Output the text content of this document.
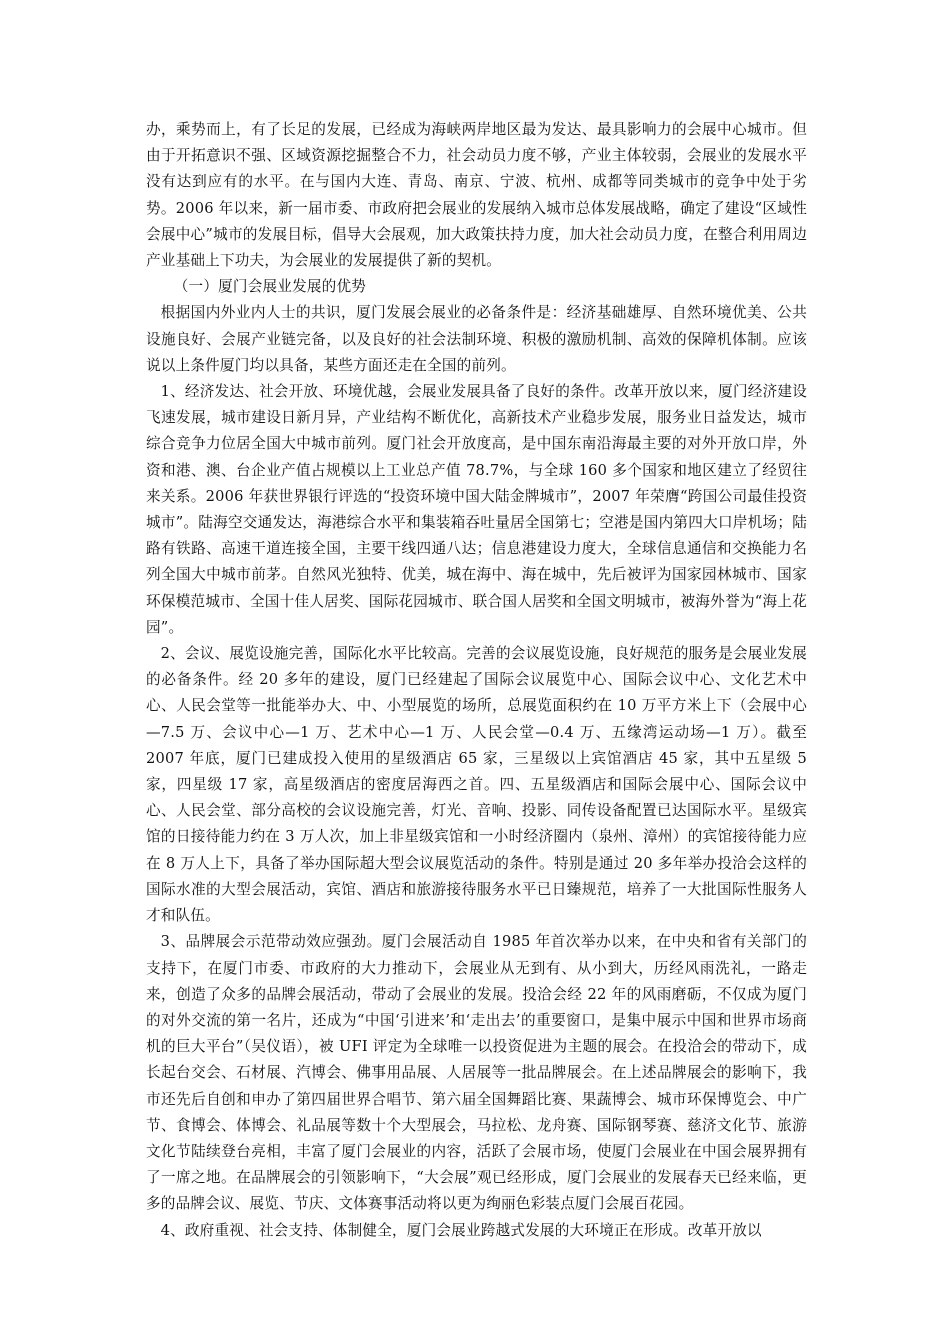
办，乘势而上，有了长足的发展，已经成为海峡两岸地区最为发达、最具影响力的会展中心城市。但由于开拓意识不强、区域资源挖掘整合不力，社会动员力度不够，产业主体较弱，会展业的发展水平没有达到应有的水平。在与国内大连、青岛、南京、宁波、杭州、成都等同类城市的竞争中处于劣势。2006 年以来，新一届市委、市政府把会展业的发展纳入城市总体发展战略，确定了建设“区域性会展中心”城市的发展目标，倡导大会展观，加大政策扶持力度，加大社会动员力度，在整合利用周边产业基础上下功夫，为会展业的发展提供了新的契机。

（一）厦门会展业发展的优势

根据国内外业内人士的共识，厦门发展会展业的必备条件是：经济基础雄厚、自然环境优美、公共设施良好、会展产业链完备，以及良好的社会法制环境、积极的激励机制、高效的保障机体制。应该说以上条件厦门均以具备，某些方面还走在全国的前列。

1、经济发达、社会开放、环境优越，会展业发展具备了良好的条件。改革开放以来，厦门经济建设飞速发展，城市建设日新月异，产业结构不断优化，高新技术产业稳步发展，服务业日益发达，城市综合竞争力位居全国大中城市前列。厦门社会开放度高，是中国东南沿海最主要的对外开放口岸，外资和港、澳、台企业产值占规模以上工业总产值 78.7%，与全球 160 多个国家和地区建立了经贸往来关系。2006 年获世界银行评选的“投资环境中国大陆金牌城市”，2007 年荣膺“跨国公司最佳投资城市”。陆海空交通发达，海港综合水平和集装箱吞吐量居全国第七；空港是国内第四大口岸机场；陆路有铁路、高速干道连接全国，主要干线四通八达；信息港建设力度大，全球信息通信和交换能力名列全国大中城市前茅。自然风光独特、优美，城在海中、海在城中，先后被评为国家园林城市、国家环保模范城市、全国十佳人居奖、国际花园城市、联合国人居奖和全国文明城市，被海外誉为“海上花园”。

2、会议、展览设施完善，国际化水平比较高。完善的会议展览设施，良好规范的服务是会展业发展的必备条件。经 20 多年的建设，厦门已经建起了国际会议展览中心、国际会议中心、文化艺术中心、人民会堂等一批能举办大、中、小型展览的场所，总展览面积约在 10 万平方米上下（会展中心—7.5 万、会议中心—1 万、艺术中心—1 万、人民会堂—0.4 万、五缘湾运动场—1 万）。截至 2007 年底，厦门已建成投入使用的星级酒店 65 家，三星级以上宾馆酒店 45 家，其中五星级 5 家，四星级 17 家，高星级酒店的密度居海西之首。四、五星级酒店和国际会展中心、国际会议中心、人民会堂、部分高校的会议设施完善，灯光、音响、投影、同传设备配置已达国际水平。星级宾馆的日接待能力约在 3 万人次，加上非星级宾馆和一小时经济圈内（泉州、漳州）的宾馆接待能力应在 8 万人上下，具备了举办国际超大型会议展览活动的条件。特别是通过 20 多年举办投洽会这样的国际水准的大型会展活动，宾馆、酒店和旅游接待服务水平已日臻规范，培养了一大批国际性服务人才和队伍。

3、品牌展会示范带动效应强劲。厦门会展活动自 1985 年首次举办以来，在中央和省有关部门的支持下，在厦门市委、市政府的大力推动下，会展业从无到有、从小到大，历经风雨洗礼，一路走来，创造了众多的品牌会展活动，带动了会展业的发展。投洽会经 22 年的风雨磨砺，不仅成为厦门的对外交流的第一名片，还成为“中国‘引进来’和‘走出去’的重要窗口，是集中展示中国和世界市场商机的巨大平台”（吴仪语），被 UFI 评定为全球唯一以投资促进为主题的展会。在投洽会的带动下，成长起台交会、石材展、汽博会、佛事用品展、人居展等一批品牌展会。在上述品牌展会的影响下，我市还先后自创和申办了第四届世界合唱节、第六届全国舞蹈比赛、果蔬博会、城市环保博览会、中广节、食博会、体博会、礼品展等数十个大型展会，马拉松、龙舟赛、国际钢琴赛、慈济文化节、旅游文化节陆续登台亮相，丰富了厦门会展业的内容，活跃了会展市场，使厦门会展业在中国会展界拥有了一席之地。在品牌展会的引领影响下，“大会展”观已经形成，厦门会展业的发展春天已经来临，更多的品牌会议、展览、节庆、文体赛事活动将以更为绚丽色彩装点厦门会展百花园。

4、政府重视、社会支持、体制健全，厦门会展业跨越式发展的大环境正在形成。改革开放以
